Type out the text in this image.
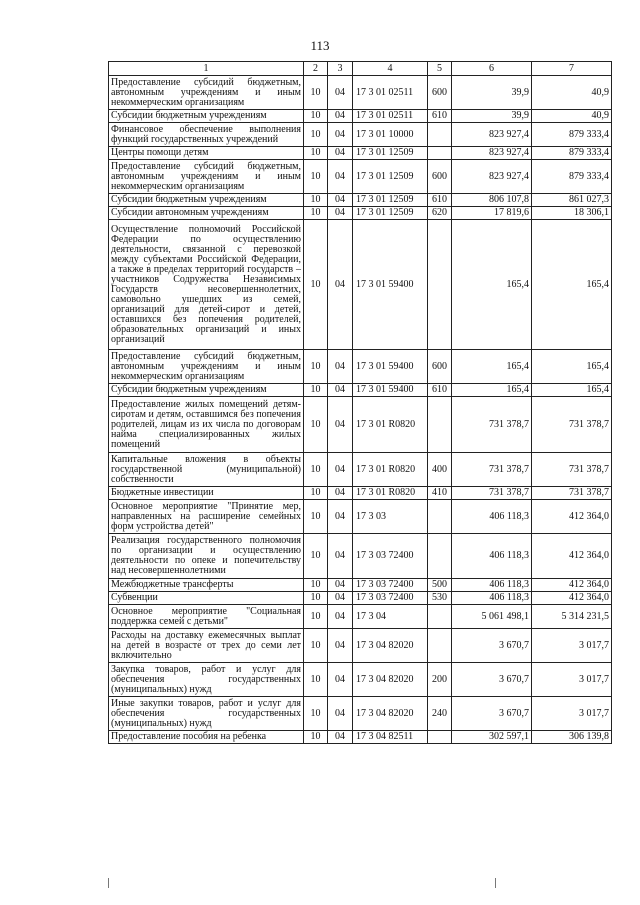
113
1	2	3	4	5	6	7
Предоставление субсидий бюджетным, автономным учреждениям и иным некоммерческим организациям	10	04	17 3 01 02511	600	39,9	40,9
Субсидии бюджетным учреждениям	10	04	17 3 01 02511	610	39,9	40,9
Финансовое обеспечение выполнения функций государственных учреждений	10	04	17 3 01 10000		823 927,4	879 333,4
Центры помощи детям	10	04	17 3 01 12509		823 927,4	879 333,4
Предоставление субсидий бюджетным, автономным учреждениям и иным некоммерческим организациям	10	04	17 3 01 12509	600	823 927,4	879 333,4
Субсидии бюджетным учреждениям	10	04	17 3 01 12509	610	806 107,8	861 027,3
Субсидии автономным учреждениям	10	04	17 3 01 12509	620	17 819,6	18 306,1
Осуществление полномочий Российской Федерации по осуществлению деятельности, связанной с перевозкой между субъектами Российской Федерации, а также в пределах территорий государств – участников Содружества Независимых Государств несовершеннолетних, самовольно ушедших из семей, организаций для детей-сирот и детей, оставшихся без попечения родителей, образовательных организаций и иных организаций	10	04	17 3 01 59400		165,4	165,4
Предоставление субсидий бюджетным, автономным учреждениям и иным некоммерческим организациям	10	04	17 3 01 59400	600	165,4	165,4
Субсидии бюджетным учреждениям	10	04	17 3 01 59400	610	165,4	165,4
Предоставление жилых помещений детям-сиротам и детям, оставшимся без попечения родителей, лицам из их числа по договорам найма специализированных жилых помещений	10	04	17 3 01 R0820		731 378,7	731 378,7
Капитальные вложения в объекты государственной (муниципальной) собственности	10	04	17 3 01 R0820	400	731 378,7	731 378,7
Бюджетные инвестиции	10	04	17 3 01 R0820	410	731 378,7	731 378,7
Основное мероприятие "Принятие мер, направленных на расширение семейных форм устройства детей"	10	04	17 3 03		406 118,3	412 364,0
Реализация государственного полномочия по организации и осуществлению деятельности по опеке и попечительству над несовершеннолетними	10	04	17 3 03 72400		406 118,3	412 364,0
Межбюджетные трансферты	10	04	17 3 03 72400	500	406 118,3	412 364,0
Субвенции	10	04	17 3 03 72400	530	406 118,3	412 364,0
Основное мероприятие "Социальная поддержка семей с детьми"	10	04	17 3 04		5 061 498,1	5 314 231,5
Расходы на доставку ежемесячных выплат на детей в возрасте от трех до семи лет включительно	10	04	17 3 04 82020		3 670,7	3 017,7
Закупка товаров, работ и услуг для обеспечения государственных (муниципальных) нужд	10	04	17 3 04 82020	200	3 670,7	3 017,7
Иные закупки товаров, работ и услуг для обеспечения государственных (муниципальных) нужд	10	04	17 3 04 82020	240	3 670,7	3 017,7
Предоставление пособия на ребенка	10	04	17 3 04 82511		302 597,1	306 139,8
